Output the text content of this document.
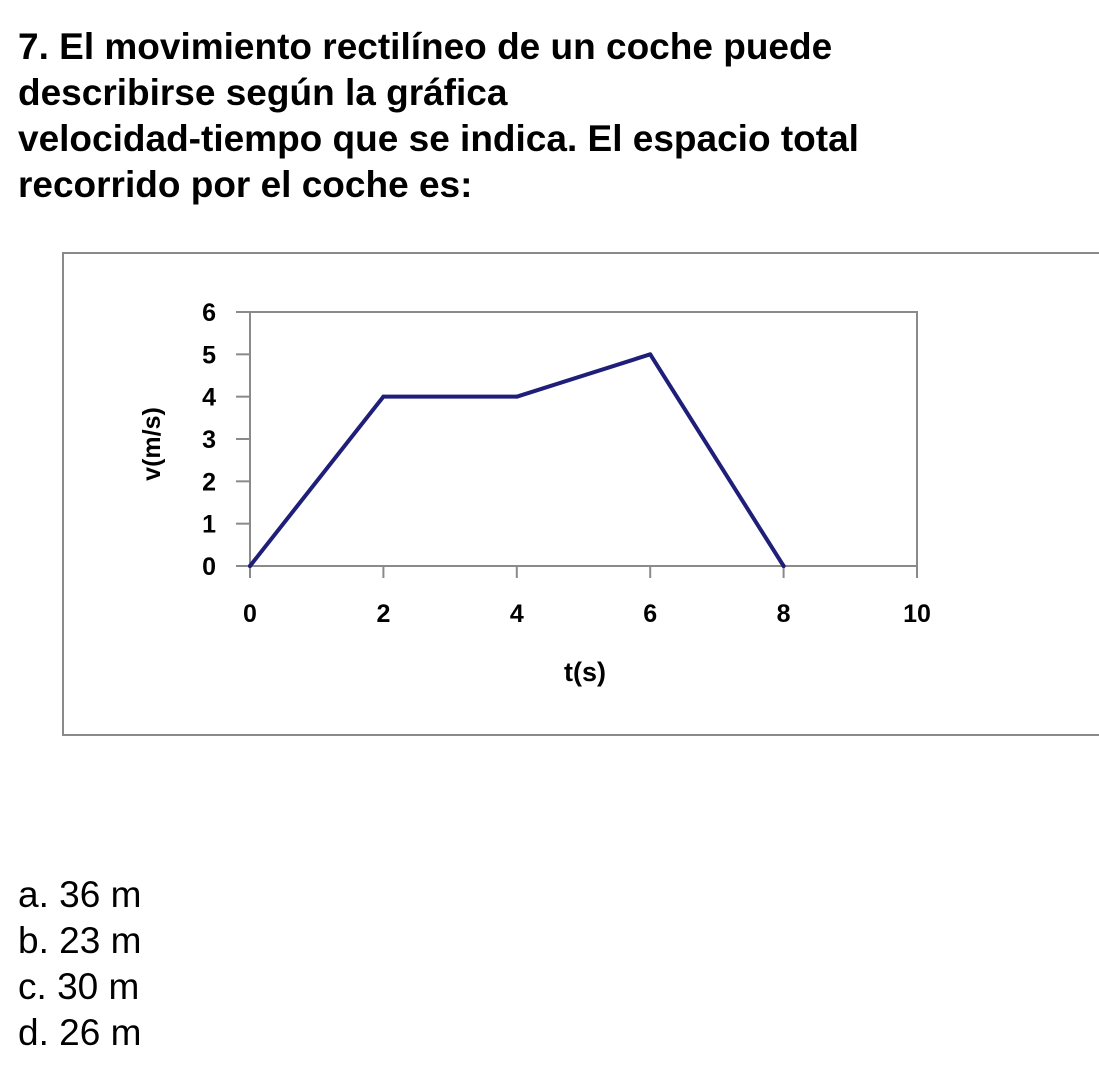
7. El movimiento rectilíneo de un coche puede
describirse según la gráfica
velocidad-tiempo que se indica. El espacio total
recorrido por el coche es:
0
1
2
3
4
5
6
0	2	4	6	8	10
t(s)
v(m/s)
a. 36 m
b. 23 m
c. 30 m
d. 26 m
